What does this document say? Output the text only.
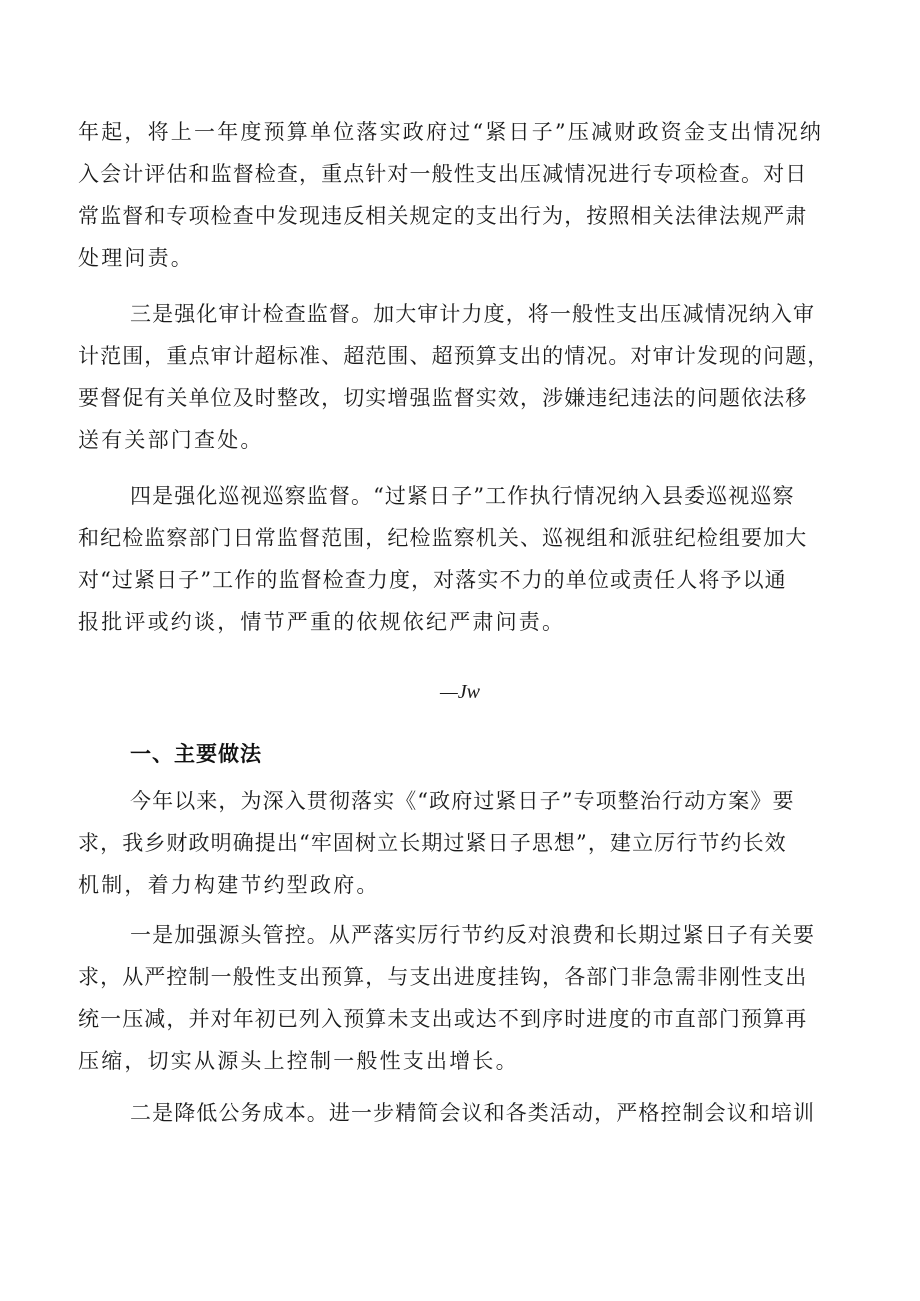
年起，将上一年度预算单位落实政府过“紧日子”压减财政资金支出情况纳
入会计评估和监督检查，重点针对一般性支出压减情况进行专项检查。对日
常监督和专项检查中发现违反相关规定的支出行为，按照相关法律法规严肃
处理问责。
三是强化审计检查监督。加大审计力度，将一般性支出压减情况纳入审
计范围，重点审计超标准、超范围、超预算支出的情况。对审计发现的问题，
要督促有关单位及时整改，切实增强监督实效，涉嫌违纪违法的问题依法移
送有关部门查处。
四是强化巡视巡察监督。“过紧日子”工作执行情况纳入县委巡视巡察
和纪检监察部门日常监督范围，纪检监察机关、巡视组和派驻纪检组要加大
对“过紧日子”工作的监督检查力度，对落实不力的单位或责任人将予以通
报批评或约谈，情节严重的依规依纪严肃问责。
—Jw
一、主要做法
今年以来，为深入贯彻落实《“政府过紧日子”专项整治行动方案》要
求，我乡财政明确提出“牢固树立长期过紧日子思想”，建立厉行节约长效
机制，着力构建节约型政府。
一是加强源头管控。从严落实厉行节约反对浪费和长期过紧日子有关要
求，从严控制一般性支出预算，与支出进度挂钩，各部门非急需非刚性支出
统一压减，并对年初已列入预算未支出或达不到序时进度的市直部门预算再
压缩，切实从源头上控制一般性支出增长。
二是降低公务成本。进一步精简会议和各类活动，严格控制会议和培训
